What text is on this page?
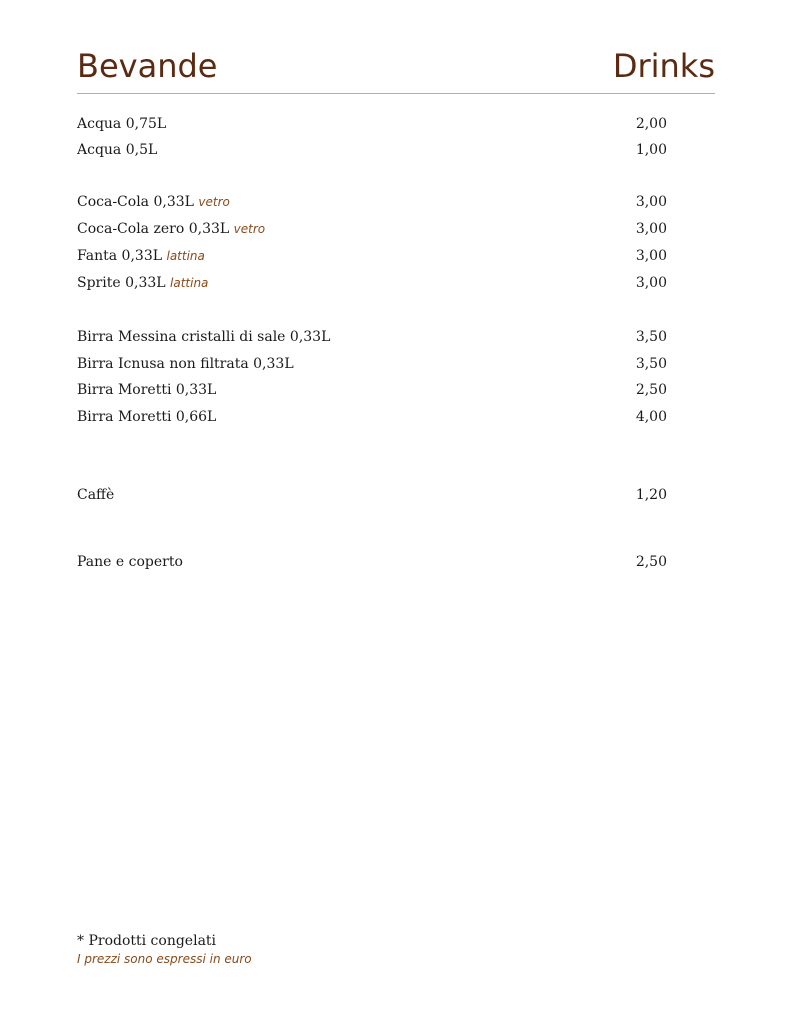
Bevande	Drinks
Acqua 0,75L	2,00
Acqua 0,5L	1,00
Coca-Cola 0,33L vetro	3,00
Coca-Cola zero 0,33L vetro	3,00
Fanta 0,33L lattina	3,00
Sprite 0,33L lattina	3,00
Birra Messina cristalli di sale 0,33L	3,50
Birra Icnusa non filtrata 0,33L	3,50
Birra Moretti 0,33L	2,50
Birra Moretti 0,66L	4,00
Caffè	1,20
Pane e coperto	2,50
* Prodotti congelati
I prezzi sono espressi in euro
